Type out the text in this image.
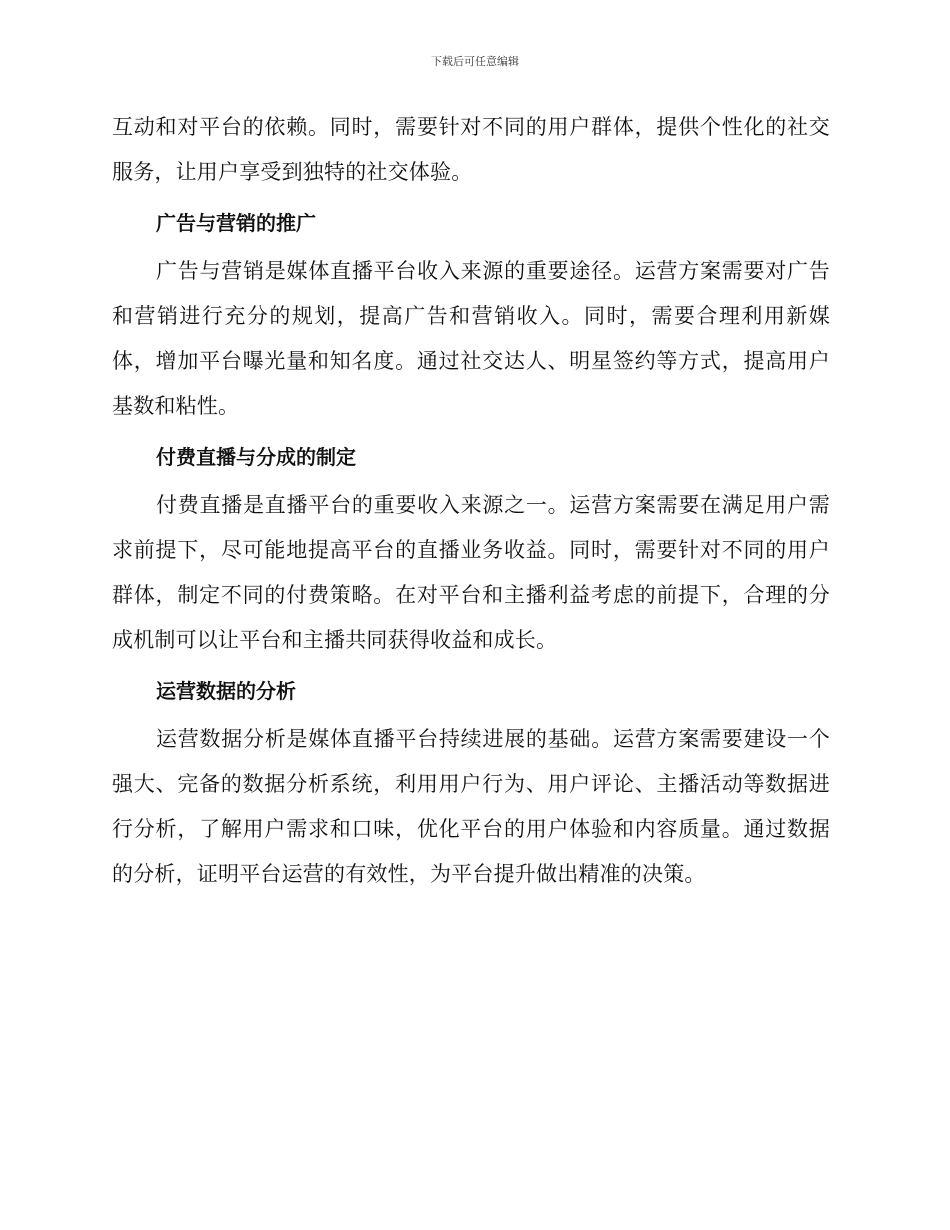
下载后可任意编辑

互动和对平台的依赖。同时，需要针对不同的用户群体，提供个性化的社交服务，让用户享受到独特的社交体验。

广告与营销的推广

广告与营销是媒体直播平台收入来源的重要途径。运营方案需要对广告和营销进行充分的规划，提高广告和营销收入。同时，需要合理利用新媒体，增加平台曝光量和知名度。通过社交达人、明星签约等方式，提高用户基数和粘性。

付费直播与分成的制定

付费直播是直播平台的重要收入来源之一。运营方案需要在满足用户需求前提下，尽可能地提高平台的直播业务收益。同时，需要针对不同的用户群体，制定不同的付费策略。在对平台和主播利益考虑的前提下，合理的分成机制可以让平台和主播共同获得收益和成长。

运营数据的分析

运营数据分析是媒体直播平台持续进展的基础。运营方案需要建设一个强大、完备的数据分析系统，利用用户行为、用户评论、主播活动等数据进行分析，了解用户需求和口味，优化平台的用户体验和内容质量。通过数据的分析，证明平台运营的有效性，为平台提升做出精准的决策。
